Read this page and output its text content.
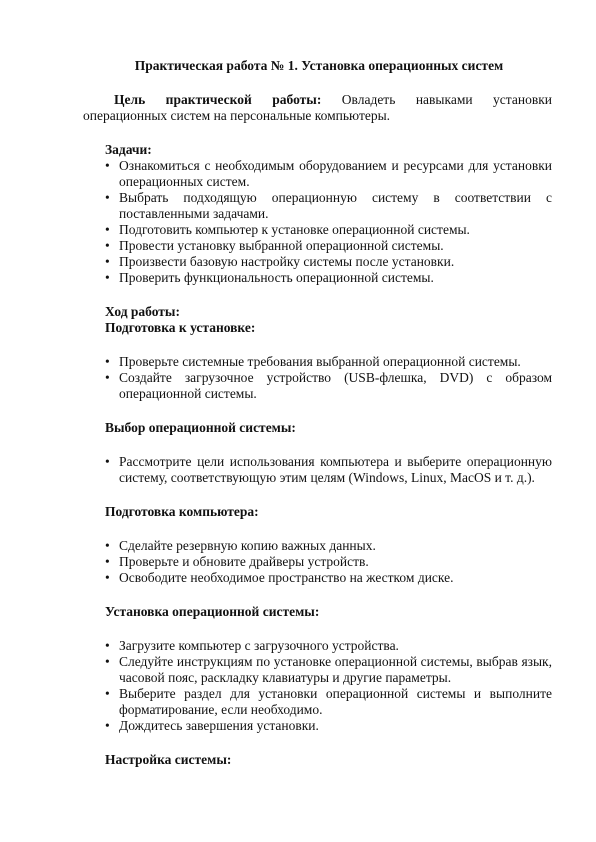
Практическая работа № 1. Установка операционных систем
Цель практической работы: Овладеть навыками установки операционных систем на персональные компьютеры.
Задачи:
• Ознакомиться с необходимым оборудованием и ресурсами для установки операционных систем.
• Выбрать подходящую операционную систему в соответствии с поставленными задачами.
• Подготовить компьютер к установке операционной системы.
• Провести установку выбранной операционной системы.
• Произвести базовую настройку системы после установки.
• Проверить функциональность операционной системы.
Ход работы:
Подготовка к установке:
• Проверьте системные требования выбранной операционной системы.
• Создайте загрузочное устройство (USB-флешка, DVD) с образом операционной системы.
Выбор операционной системы:
• Рассмотрите цели использования компьютера и выберите операционную систему, соответствующую этим целям (Windows, Linux, MacOS и т. д.).
Подготовка компьютера:
• Сделайте резервную копию важных данных.
• Проверьте и обновите драйверы устройств.
• Освободите необходимое пространство на жестком диске.
Установка операционной системы:
• Загрузите компьютер с загрузочного устройства.
• Следуйте инструкциям по установке операционной системы, выбрав язык, часовой пояс, раскладку клавиатуры и другие параметры.
• Выберите раздел для установки операционной системы и выполните форматирование, если необходимо.
• Дождитесь завершения установки.
Настройка системы:
